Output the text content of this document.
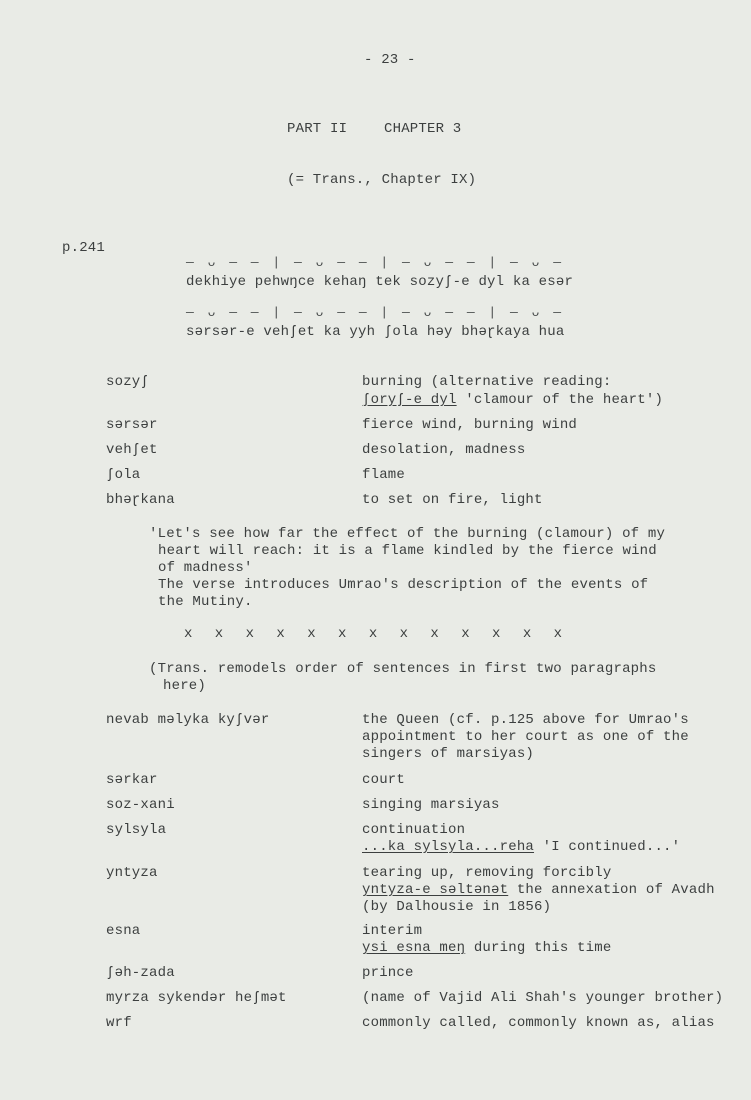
- 23 -
PART II	CHAPTER 3
(= Trans., Chapter IX)
p.241
— ᴗ — — | — ᴗ — — | — ᴗ — — | — ᴗ —
dekhiye pehwŋce kehaŋ tek sozyʃ-e dyl ka esər
— ᴗ — — | — ᴗ — — | — ᴗ — — | — ᴗ —
sərsər-e vehʃet ka yyh ʃola həy bhəɽkaya hua
sozyʃ	burning (alternative reading:
ʃoryʃ-e dyl 'clamour of the heart')
sərsər	fierce wind, burning wind
vehʃet	desolation, madness
ʃola	flame
bhəɽkana	to set on fire, light
'Let's see how far the effect of the burning (clamour) of my
heart will reach: it is a flame kindled by the fierce wind
of madness'
The verse introduces Umrao's description of the events of
the Mutiny.
x x x x x x x x x x x x x
(Trans. remodels order of sentences in first two paragraphs
here)
nevab məlyka kyʃvər	the Queen (cf. p.125 above for Umrao's
appointment to her court as one of the
singers of marsiyas)
sərkar	court
soz-xani	singing marsiyas
sylsyla	continuation
...ka sylsyla...reha 'I continued...'
yntyza	tearing up, removing forcibly
yntyza-e səltənət the annexation of Avadh
(by Dalhousie in 1856)
esna	interim
ysi esna meŋ during this time
ʃəh-zada	prince
myrza sykendər heʃmət	(name of Vajid Ali Shah's younger brother)
wrf	commonly called, commonly known as, alias
